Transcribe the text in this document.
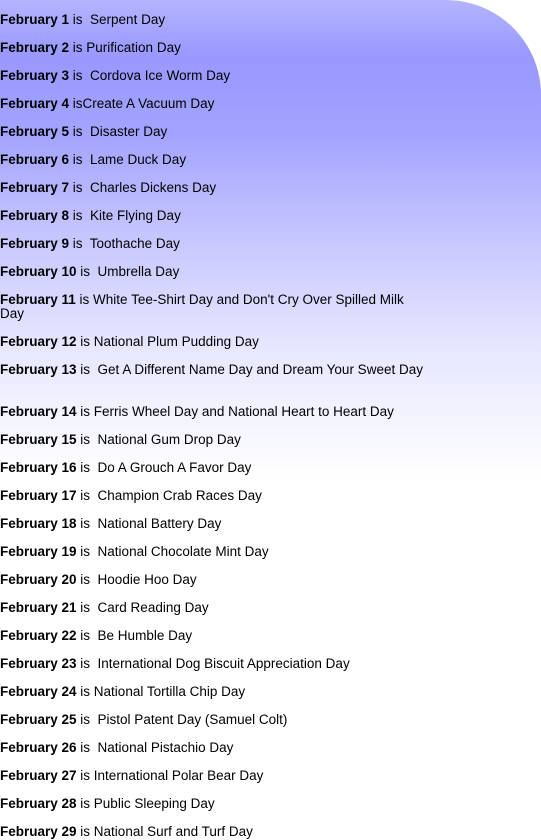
February 1 is  Serpent Day
February 2 is Purification Day
February 3 is  Cordova Ice Worm Day
February 4 isCreate A Vacuum Day
February 5 is  Disaster Day
February 6 is  Lame Duck Day
February 7 is  Charles Dickens Day
February 8 is  Kite Flying Day
February 9 is  Toothache Day
February 10 is  Umbrella Day
February 11 is White Tee-Shirt Day and Don't Cry Over Spilled Milk Day
February 12 is National Plum Pudding Day
February 13 is  Get A Different Name Day and Dream Your Sweet Day
February 14 is Ferris Wheel Day and National Heart to Heart Day
February 15 is  National Gum Drop Day
February 16 is  Do A Grouch A Favor Day
February 17 is  Champion Crab Races Day
February 18 is  National Battery Day
February 19 is  National Chocolate Mint Day
February 20 is  Hoodie Hoo Day
February 21 is  Card Reading Day
February 22 is  Be Humble Day
February 23 is  International Dog Biscuit Appreciation Day
February 24 is National Tortilla Chip Day
February 25 is  Pistol Patent Day (Samuel Colt)
February 26 is  National Pistachio Day
February 27 is International Polar Bear Day
February 28 is Public Sleeping Day
February 29 is National Surf and Turf Day
